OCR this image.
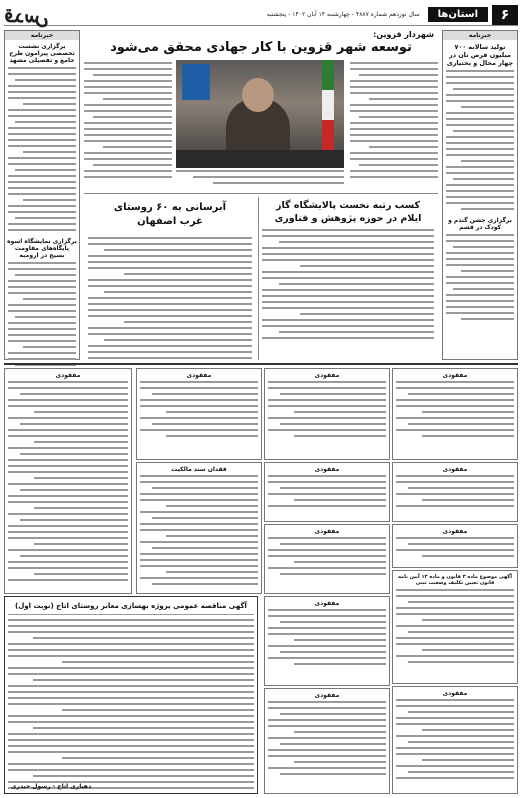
۶
استان‌ها
سال نوزدهم شماره ۴۸۸۷ - چهارشنبه ۱۴ آبان ۱۴۰۲ - پنجشنبه
قدس
خبرنامه
تولید سالانه ۷۰۰ میلیون قرص نان در چهار محال و بختیاری
برگزاری جشن گندم و کودک در قشم
خبرنامه
برگزاری نشست تخصصی پیرامون طرح جامع و تفصیلی مشهد
برگزاری نمایشگاه اسوه پایگاه‌های مقاومت بسیج در ارومیه
شهردار قزوین:
توسعه شهر قزوین با کار جهادی محقق می‌شود
کسب رتبه نخست پالایشگاه گاز ایلام در حوزه پژوهش و فناوری
آبرسانی به ۶۰ روستای غرب اصفهان
مفقودی
مفقودی
مفقودی
آگهی موضوع ماده ۳ قانون و ماده ۱۳ آیین نامه قانون تعیین تکلیف وضعیت ثبتی
مفقودی
مفقودی
مفقودی
مفقودی
مفقودی
مفقودی
مفقودی
فقدان سند مالکیت
مفقودی
آگهی مناقصه عمومی پروژه بهسازی معابر روستای اتاج (نوبت اول)
دهیاری اتاج - رسول حیدری
